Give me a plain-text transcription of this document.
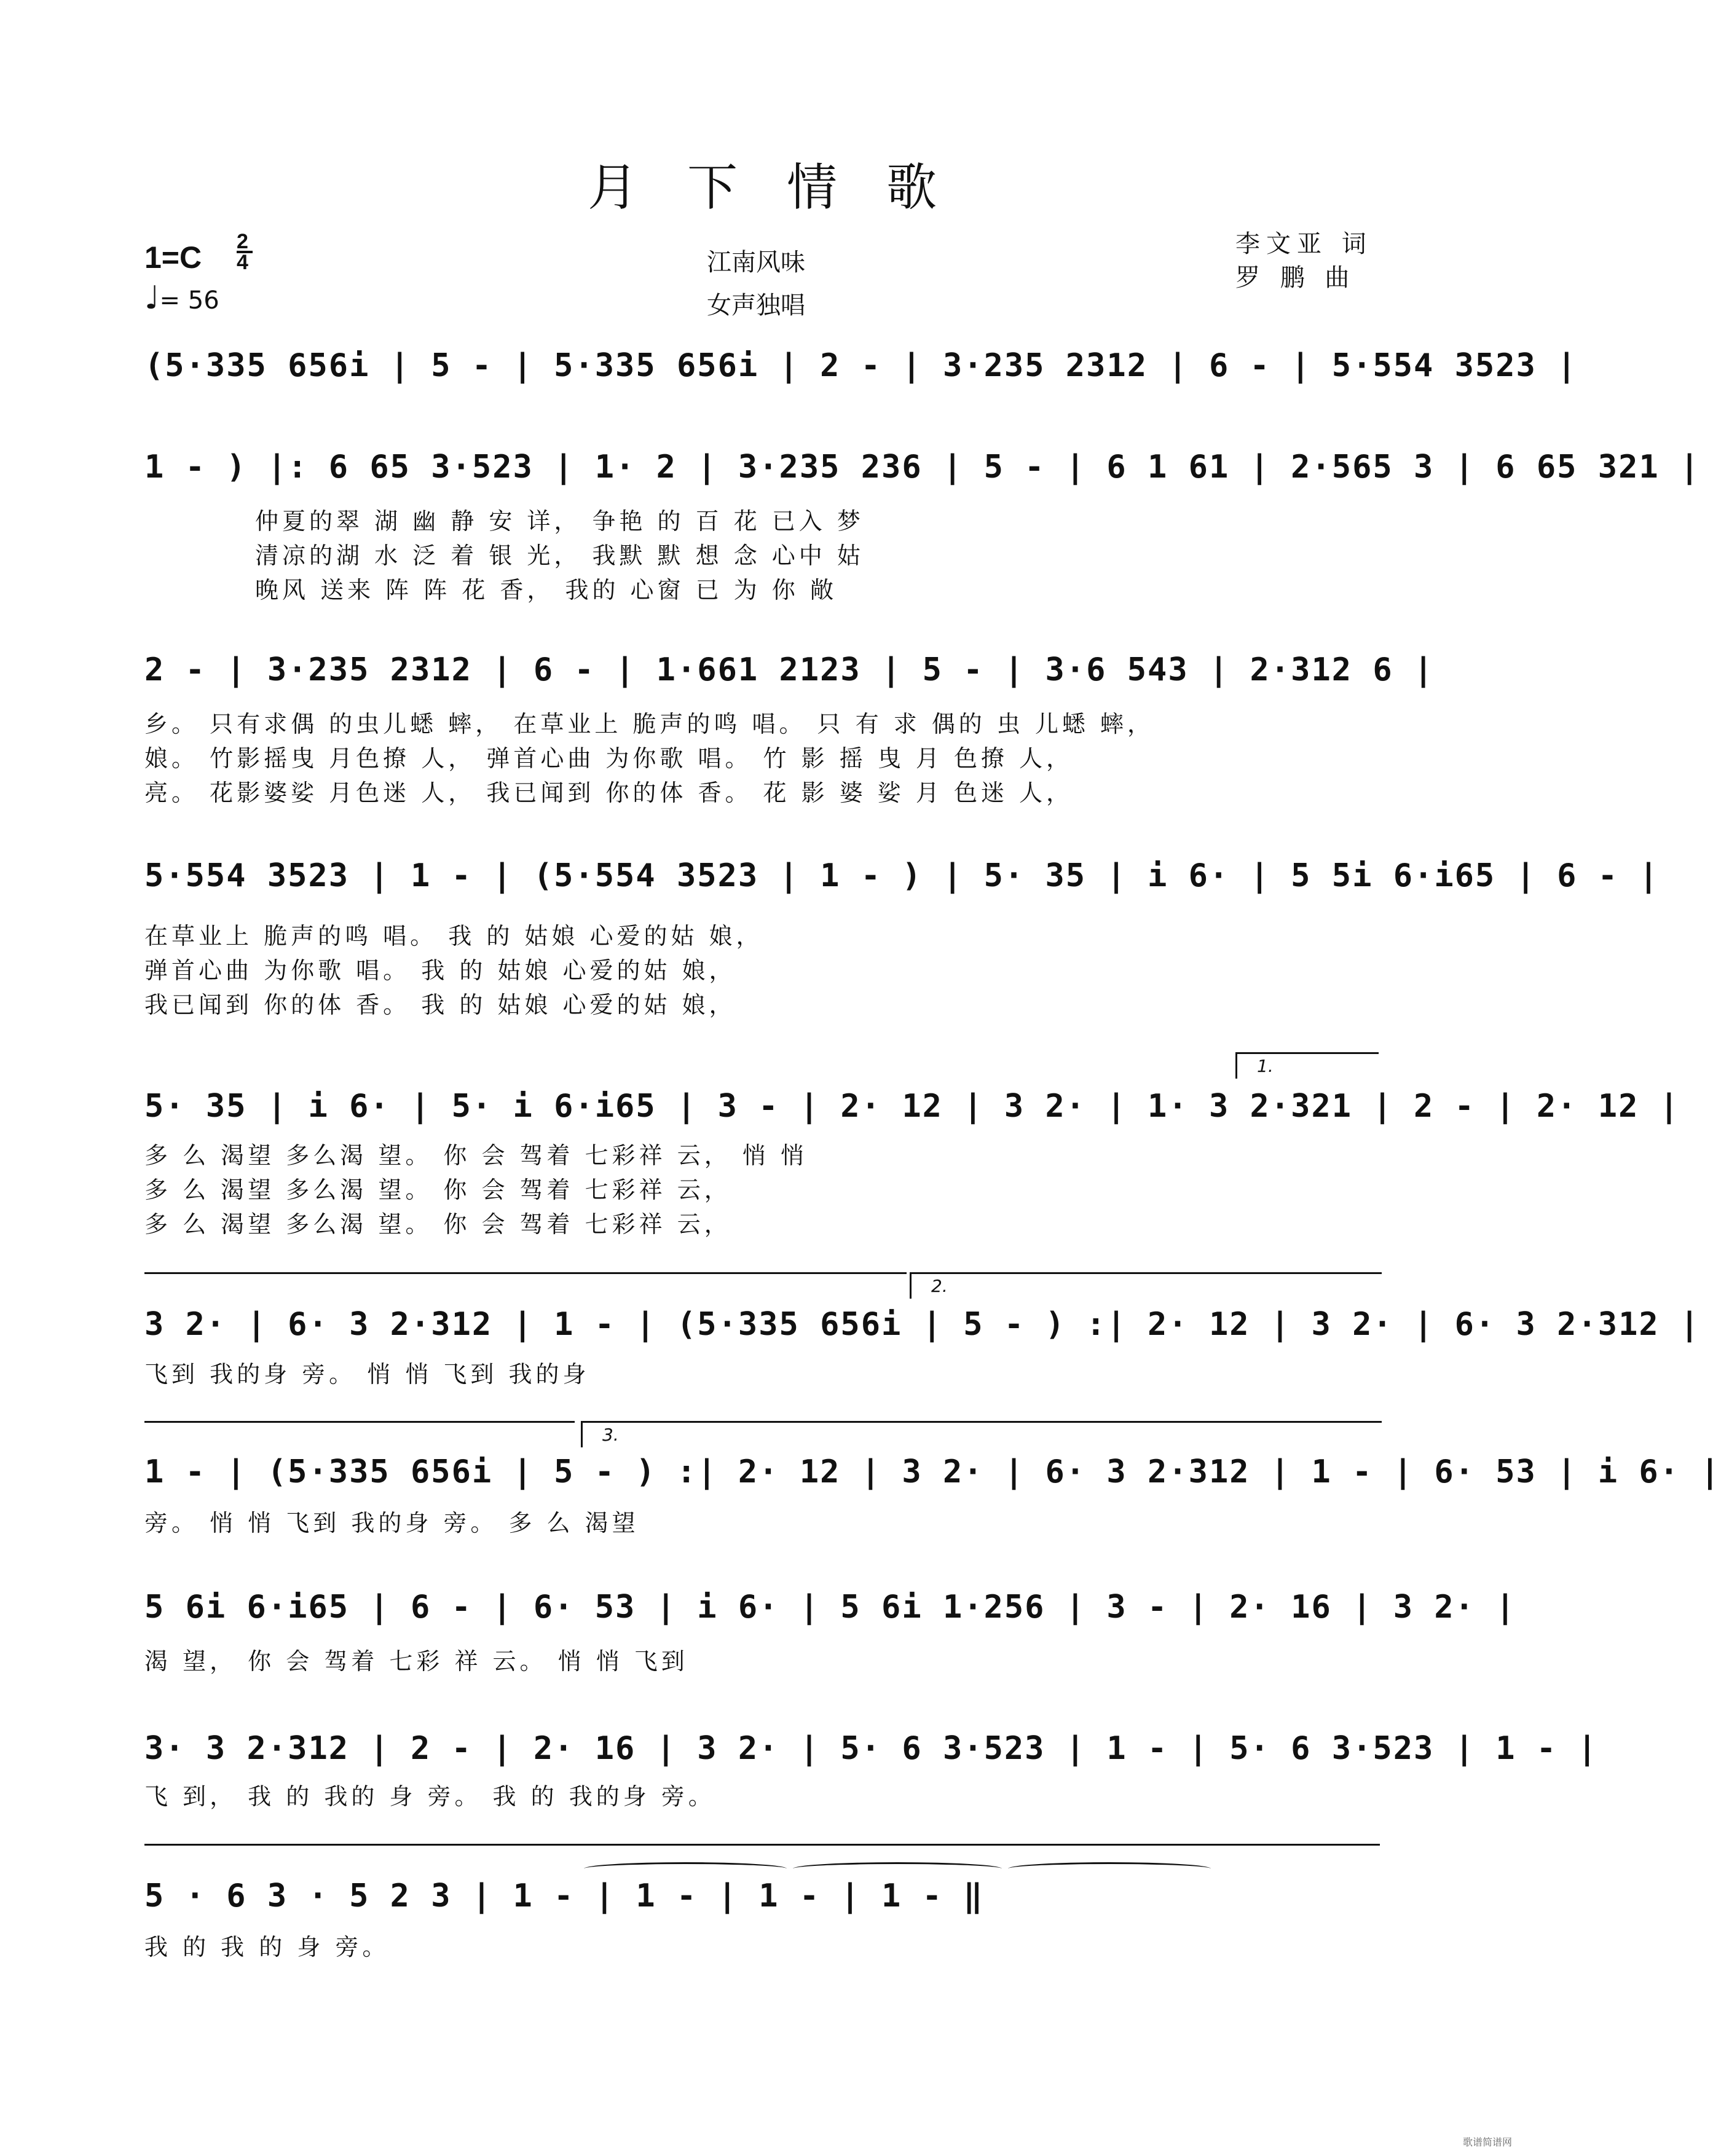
月下情歌
1=C 2
4
♩= 56
江南风味
女声独唱
李文亚 词
罗 鹏 曲
(5·335 656i | 5 - | 5·335 656i | 2 - | 3·235 2312 | 6 - | 5·554 3523 |
1 - ) |: 6 65 3·523 | 1· 2 | 3·235 236 | 5 - | 6 1 61 | 2·565 3 | 6 65 321 |
仲夏的翠 湖 幽 静 安 详， 争艳 的 百 花 已入 梦
清凉的湖 水 泛 着 银 光， 我默 默 想 念 心中 姑
晚风 送来 阵 阵 花 香， 我的 心窗 已 为 你 敞
2 - | 3·235 2312 | 6 - | 1·661 2123 | 5 - | 3·6 543 | 2·312 6 |
乡。 只有求偶 的虫儿蟋 蟀， 在草业上 脆声的鸣 唱。 只 有 求 偶的 虫 儿蟋 蟀，
娘。 竹影摇曳 月色撩 人， 弹首心曲 为你歌 唱。 竹 影 摇 曳 月 色撩 人，
亮。 花影婆娑 月色迷 人， 我已闻到 你的体 香。 花 影 婆 娑 月 色迷 人，
5·554 3523 | 1 - | (5·554 3523 | 1 - ) | 5· 35 | i 6· | 5 5i 6·i65 | 6 - |
在草业上 脆声的鸣 唱。 我 的 姑娘 心爱的姑 娘，
弹首心曲 为你歌 唱。 我 的 姑娘 心爱的姑 娘，
我已闻到 你的体 香。 我 的 姑娘 心爱的姑 娘，
1.
5· 35 | i 6· | 5· i 6·i65 | 3 - | 2· 12 | 3 2· | 1· 3 2·321 | 2 - | 2· 12 |
多 么 渴望 多么渴 望。 你 会 驾着 七彩祥 云， 悄 悄
多 么 渴望 多么渴 望。 你 会 驾着 七彩祥 云，
多 么 渴望 多么渴 望。 你 会 驾着 七彩祥 云，
2.
3 2· | 6· 3 2·312 | 1 - | (5·335 656i | 5 - ) :| 2· 12 | 3 2· | 6· 3 2·312 |
飞到 我的身 旁。 悄 悄 飞到 我的身
3.
1 - | (5·335 656i | 5 - ) :| 2· 12 | 3 2· | 6· 3 2·312 | 1 - | 6· 53 | i 6· |
旁。 悄 悄 飞到 我的身 旁。 多 么 渴望
5 6i 6·i65 | 6 - | 6· 53 | i 6· | 5 6i 1·256 | 3 - | 2· 16 | 3 2· |
渴 望， 你 会 驾着 七彩 祥 云。 悄 悄 飞到
3· 3 2·312 | 2 - | 2· 16 | 3 2· | 5· 6 3·523 | 1 - | 5· 6 3·523 | 1 - |
飞 到， 我 的 我的 身 旁。 我 的 我的身 旁。
5 · 6 3 · 5 2 3 | 1 - | 1 - | 1 - | 1 - ‖
我 的 我 的 身 旁。
歌谱简谱网
